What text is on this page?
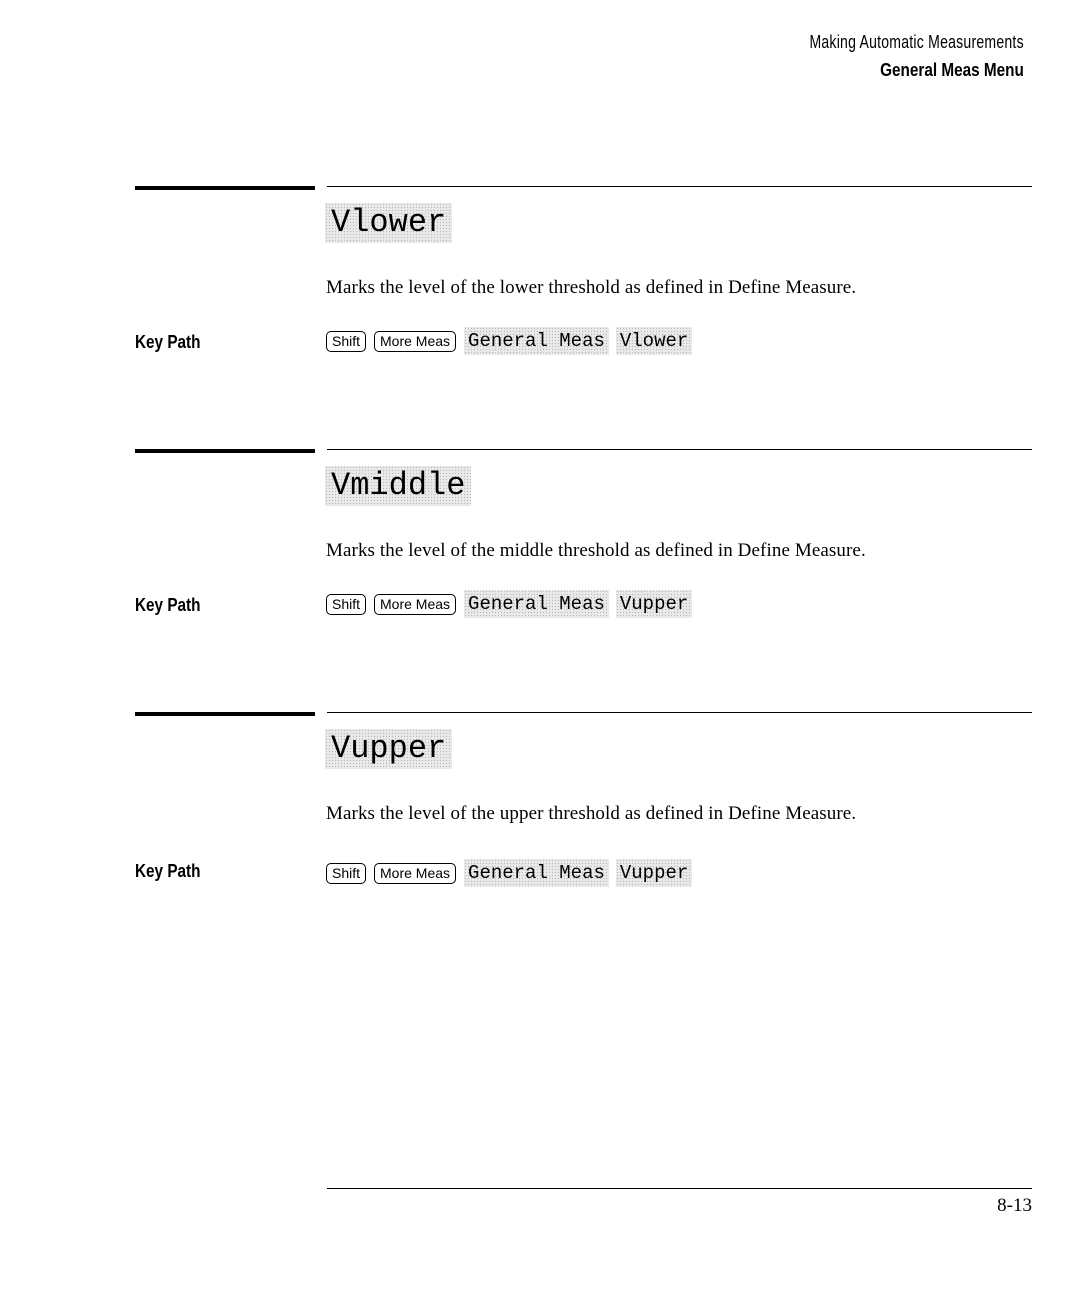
Making Automatic Measurements
General Meas Menu
Vlower
Marks the level of the lower threshold as defined in Define Measure.
Key Path	Shift	More Meas General Meas Vlower
Vmiddle
Marks the level of the middle threshold as defined in Define Measure.
Key Path	Shift	More Meas General Meas Vupper
Vupper
Marks the level of the upper threshold as defined in Define Measure.
Key Path	Shift	More Meas General Meas Vupper
8-13
